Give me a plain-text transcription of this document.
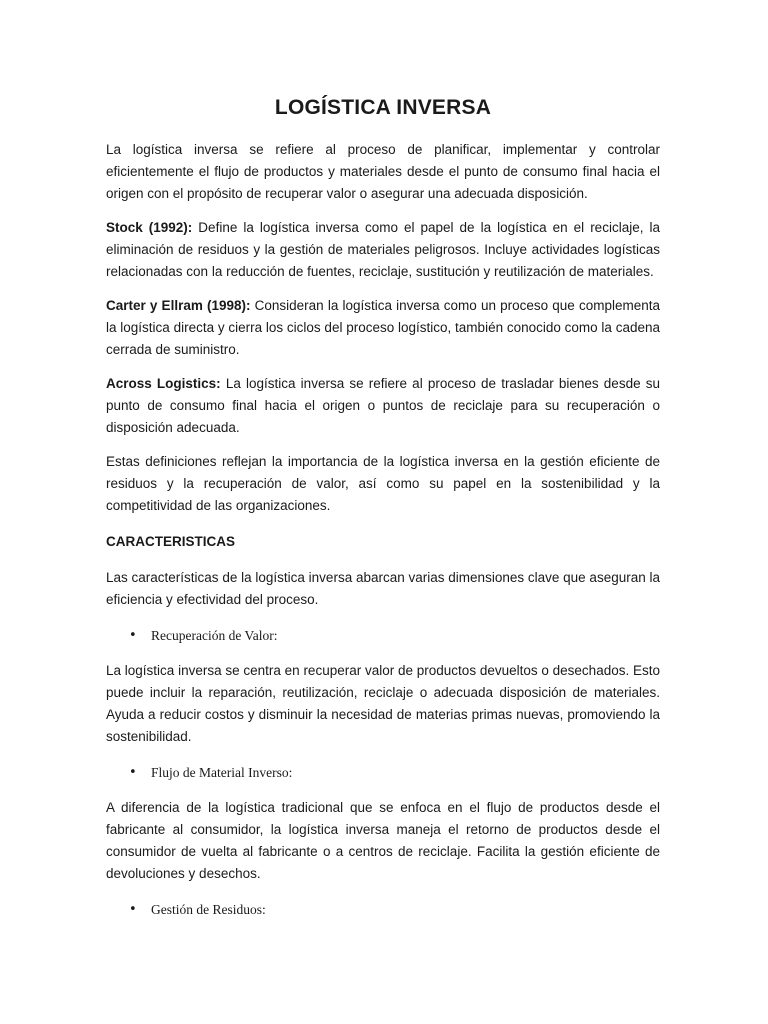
LOGÍSTICA INVERSA

La logística inversa se refiere al proceso de planificar, implementar y controlar eficientemente el flujo de productos y materiales desde el punto de consumo final hacia el origen con el propósito de recuperar valor o asegurar una adecuada disposición.

Stock (1992): Define la logística inversa como el papel de la logística en el reciclaje, la eliminación de residuos y la gestión de materiales peligrosos. Incluye actividades logísticas relacionadas con la reducción de fuentes, reciclaje, sustitución y reutilización de materiales.

Carter y Ellram (1998): Consideran la logística inversa como un proceso que complementa la logística directa y cierra los ciclos del proceso logístico, también conocido como la cadena cerrada de suministro.

Across Logistics: La logística inversa se refiere al proceso de trasladar bienes desde su punto de consumo final hacia el origen o puntos de reciclaje para su recuperación o disposición adecuada.

Estas definiciones reflejan la importancia de la logística inversa en la gestión eficiente de residuos y la recuperación de valor, así como su papel en la sostenibilidad y la competitividad de las organizaciones.

CARACTERISTICAS

Las características de la logística inversa abarcan varias dimensiones clave que aseguran la eficiencia y efectividad del proceso.

• Recuperación de Valor:

La logística inversa se centra en recuperar valor de productos devueltos o desechados. Esto puede incluir la reparación, reutilización, reciclaje o adecuada disposición de materiales. Ayuda a reducir costos y disminuir la necesidad de materias primas nuevas, promoviendo la sostenibilidad.

• Flujo de Material Inverso:

A diferencia de la logística tradicional que se enfoca en el flujo de productos desde el fabricante al consumidor, la logística inversa maneja el retorno de productos desde el consumidor de vuelta al fabricante o a centros de reciclaje. Facilita la gestión eficiente de devoluciones y desechos.

• Gestión de Residuos:
